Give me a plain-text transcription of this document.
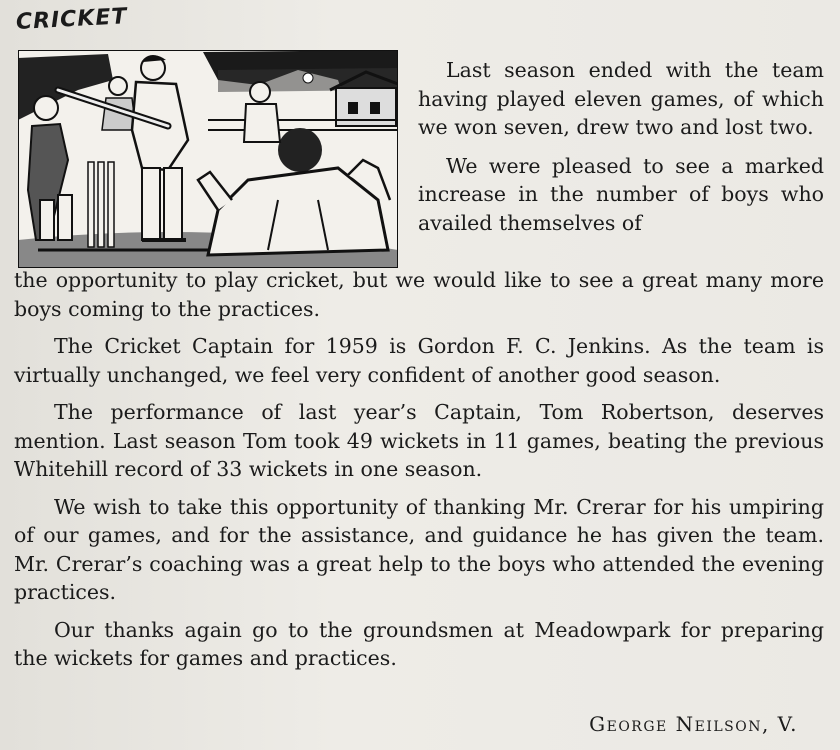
CRICKET

Last season ended with the team having played eleven games, of which we won seven, drew two and lost two.

We were pleased to see a marked increase in the number of boys who availed themselves of

the opportunity to play cricket, but we would like to see a great many more boys coming to the practices.

The Cricket Captain for 1959 is Gordon F. C. Jenkins. As the team is virtually unchanged, we feel very confident of another good season.

The performance of last year’s Captain, Tom Robertson, deserves mention. Last season Tom took 49 wickets in 11 games, beating the previous Whitehill record of 33 wickets in one season.

We wish to take this opportunity of thanking Mr. Crerar for his umpiring of our games, and for the assistance, and guidance he has given the team. Mr. Crerar’s coaching was a great help to the boys who attended the evening practices.

Our thanks again go to the groundsmen at Meadowpark for preparing the wickets for games and practices.

George Neilson, V.
